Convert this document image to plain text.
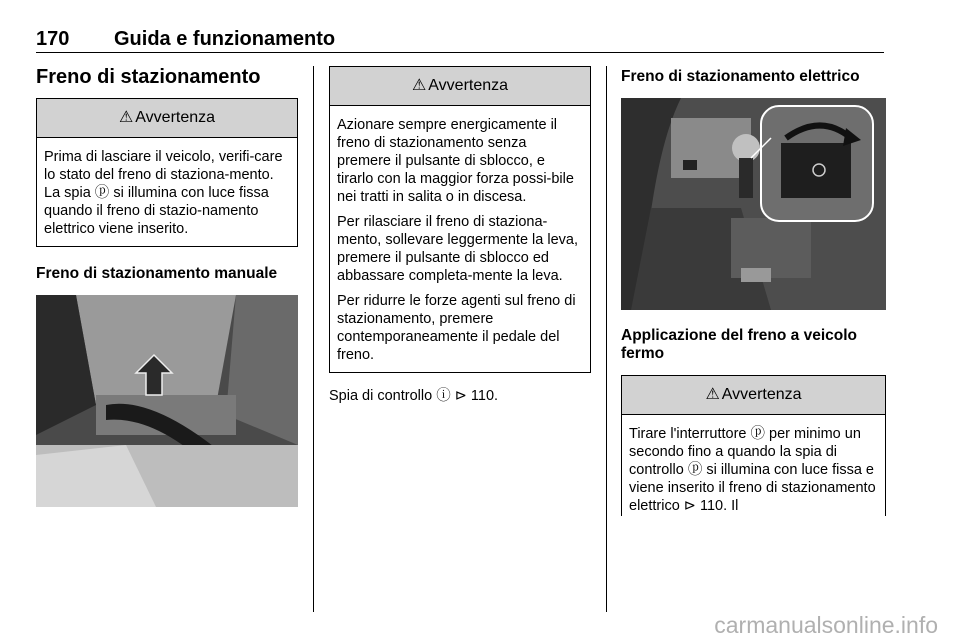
170 Guida e funzionamento
Freno di stazionamento
⚠ Avvertenza

Prima di lasciare il veicolo, verifi-care lo stato del freno di staziona-mento. La spia ⓟ si illumina con luce fissa quando il freno di stazio-namento elettrico viene inserito.

Freno di stazionamento manuale
⚠ Avvertenza

Azionare sempre energicamente il freno di stazionamento senza premere il pulsante di sblocco, e tirarlo con la maggior forza possi-bile nei tratti in salita o in discesa.

Per rilasciare il freno di staziona-mento, sollevare leggermente la leva, premere il pulsante di sblocco ed abbassare completa-mente la leva.

Per ridurre le forze agenti sul freno di stazionamento, premere contemporaneamente il pedale del freno.

Spia di controllo ⓘ ⊳ 110.
Freno di stazionamento elettrico
Applicazione del freno a veicolo fermo
⚠ Avvertenza

Tirare l'interruttore ⓟ per minimo un secondo fino a quando la spia di controllo ⓟ si illumina con luce fissa e viene inserito il freno di stazionamento elettrico ⊳ 110. Il

carmanualsonline.info
